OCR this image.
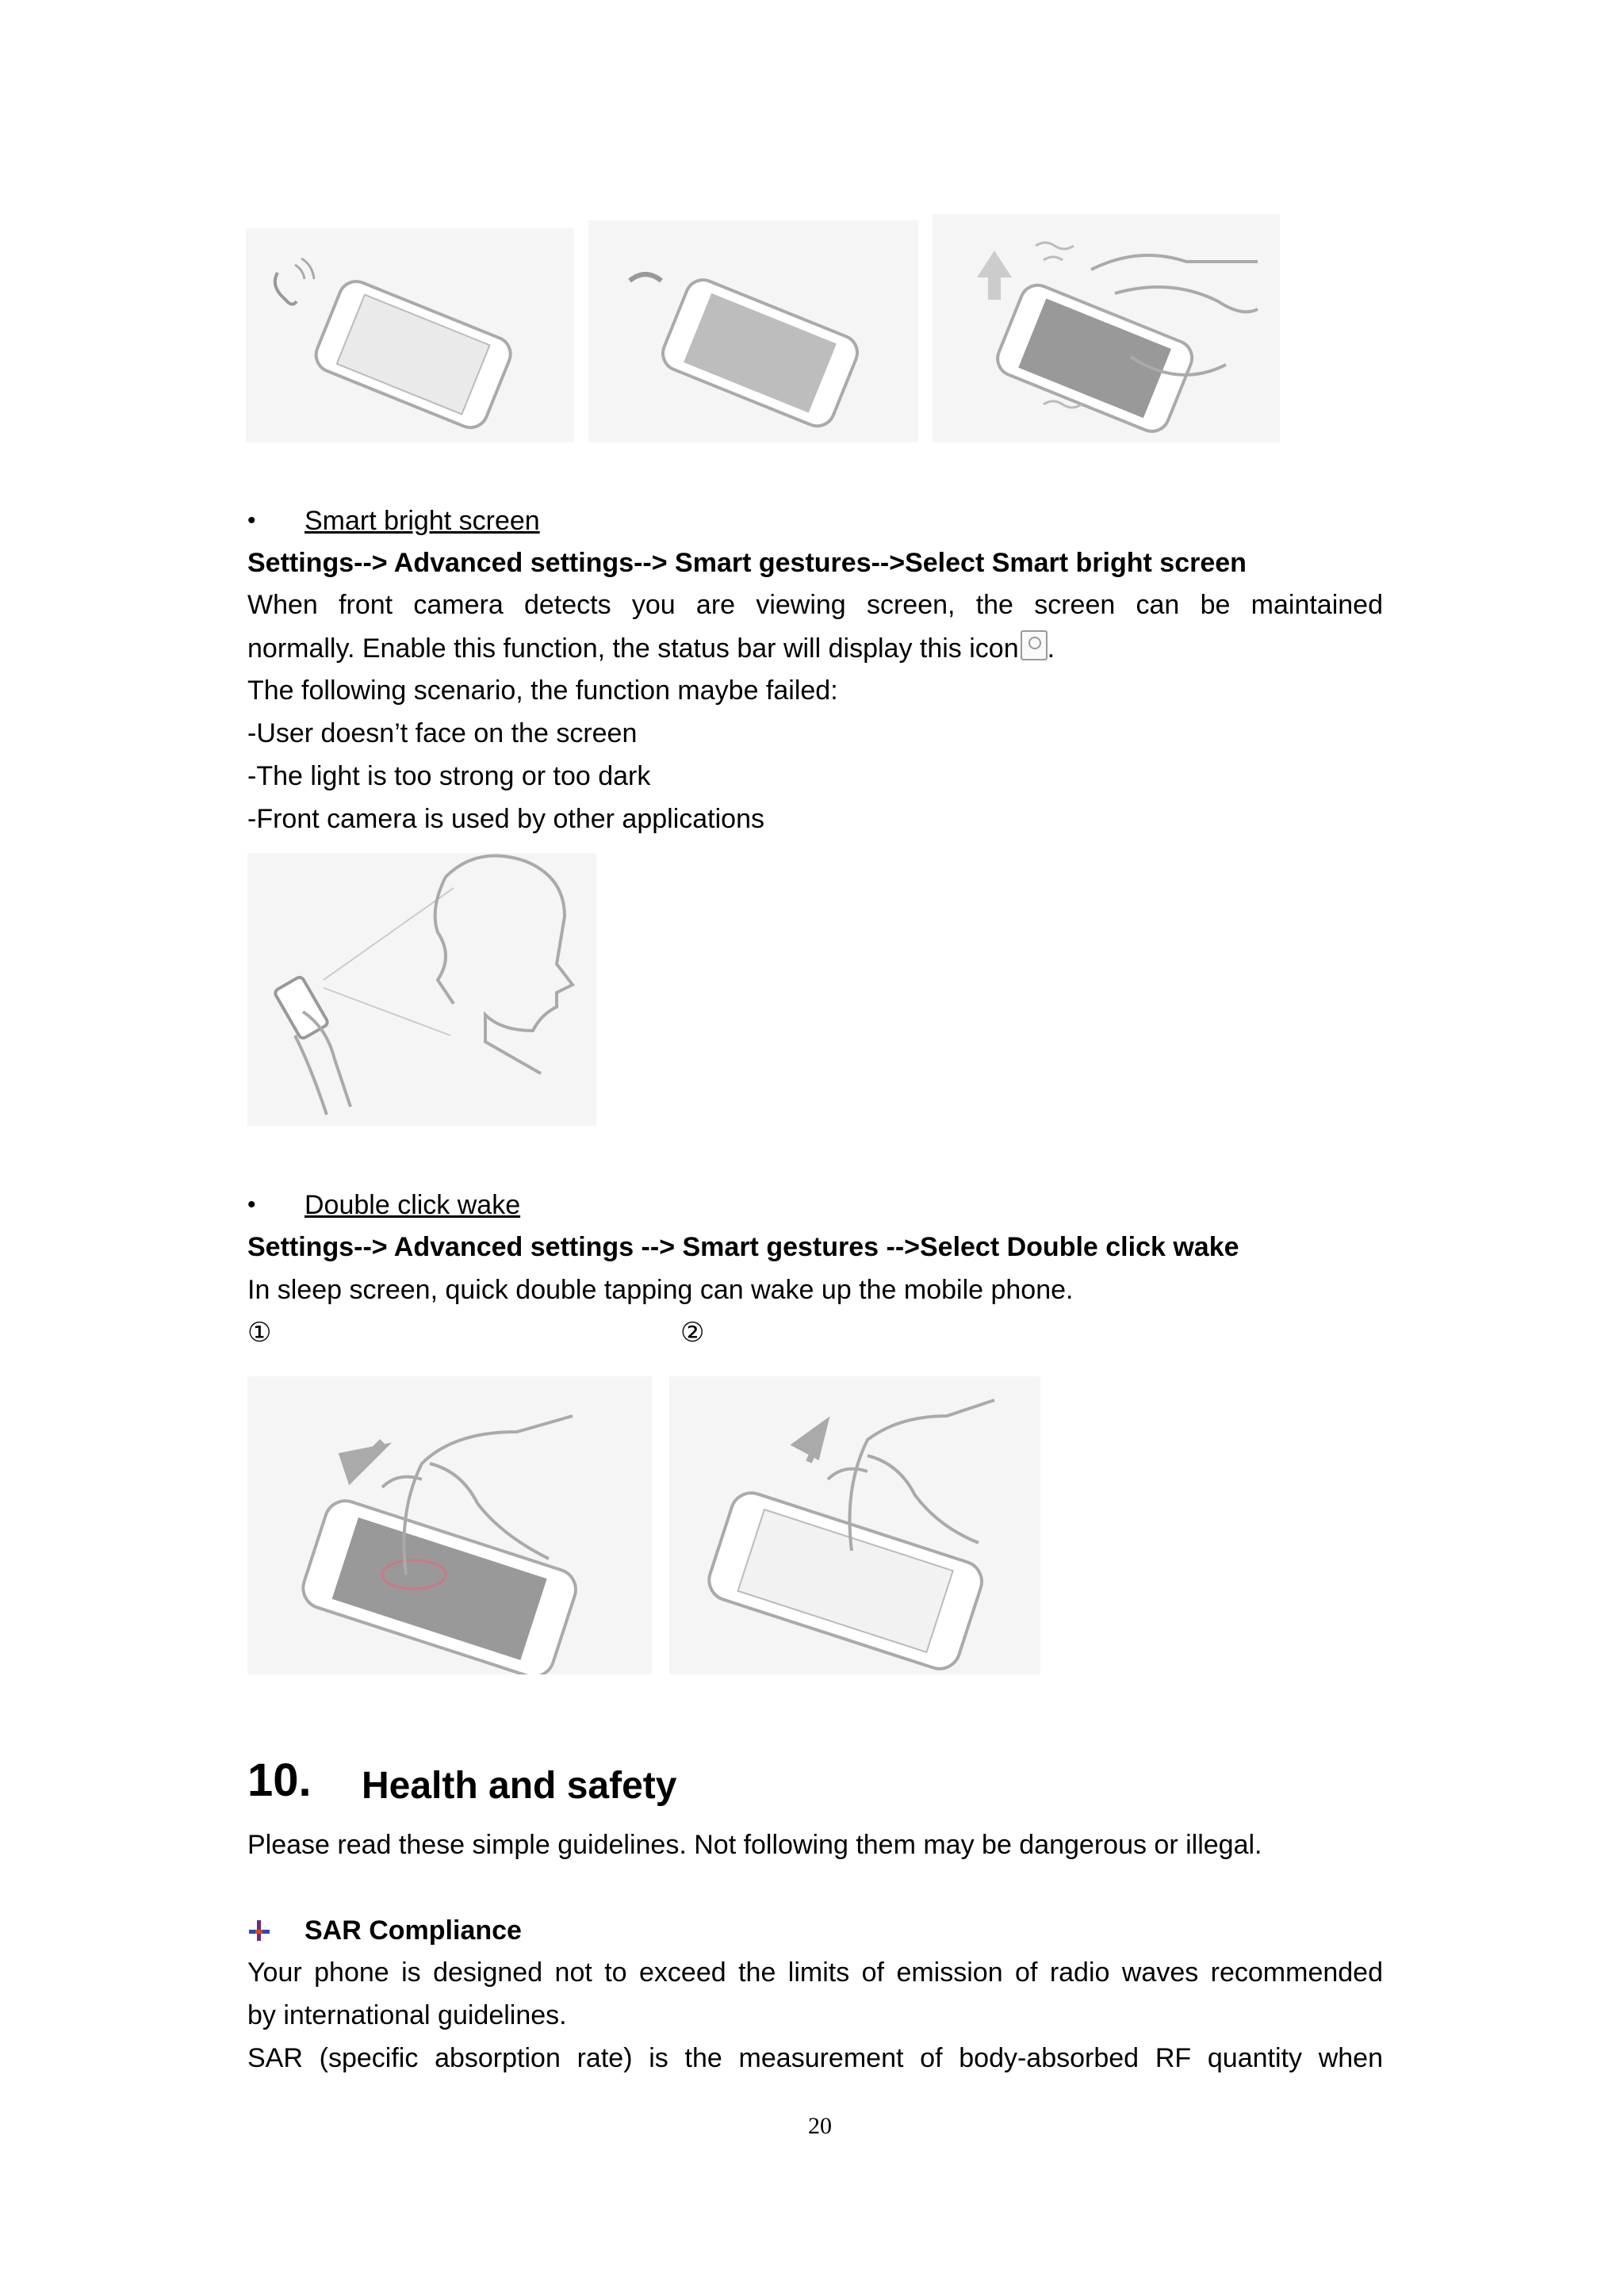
• Smart bright screen
Settings--> Advanced settings--> Smart gestures-->Select Smart bright screen
When front camera detects you are viewing screen, the screen can be maintained
normally. Enable this function, the status bar will display this icon .
The following scenario, the function maybe failed:
-User doesn’t face on the screen
-The light is too strong or too dark
-Front camera is used by other applications
• Double click wake
Settings--> Advanced settings --> Smart gestures -->Select Double click wake
In sleep screen, quick double tapping can wake up the mobile phone.
①	②
10. Health and safety
Please read these simple guidelines. Not following them may be dangerous or illegal.
SAR Compliance
Your phone is designed not to exceed the limits of emission of radio waves recommended
by international guidelines.
SAR (specific absorption rate) is the measurement of body-absorbed RF quantity when
20
